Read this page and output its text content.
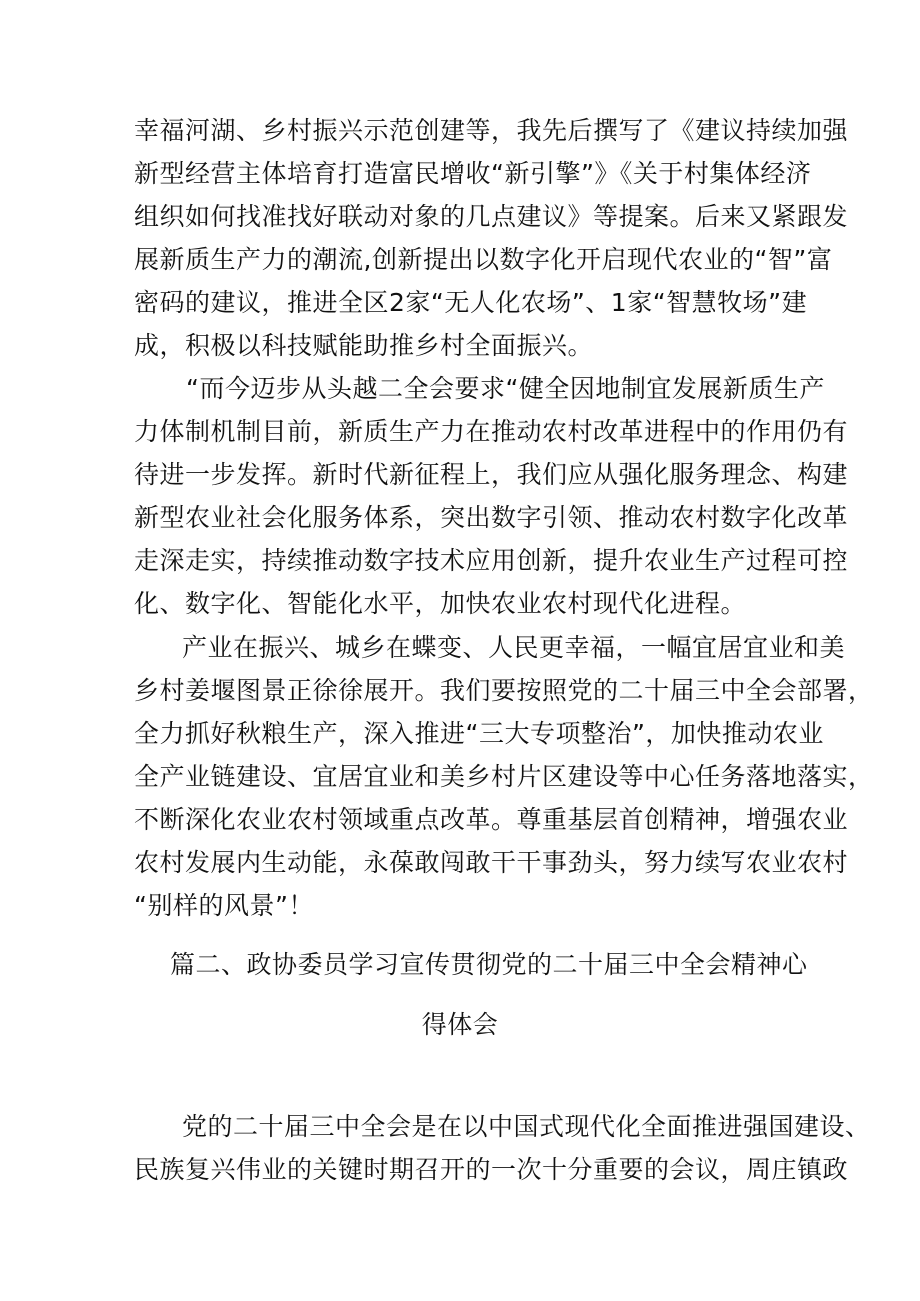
幸福河湖、乡村振兴示范创建等，我先后撰写了《建议持续加强
新型经营主体培育打造富民增收“新引擎”》《关于村集体经济
组织如何找准找好联动对象的几点建议》等提案。后来又紧跟发
展新质生产力的潮流,创新提出以数字化开启现代农业的“智”富
密码的建议，推进全区2家“无人化农场”、1家“智慧牧场”建
成，积极以科技赋能助推乡村全面振兴。
“而今迈步从头越二全会要求“健全因地制宜发展新质生产
力体制机制目前，新质生产力在推动农村改革进程中的作用仍有
待进一步发挥。新时代新征程上，我们应从强化服务理念、构建
新型农业社会化服务体系，突出数字引领、推动农村数字化改革
走深走实，持续推动数字技术应用创新，提升农业生产过程可控
化、数字化、智能化水平，加快农业农村现代化进程。
产业在振兴、城乡在蝶变、人民更幸福，一幅宜居宜业和美
乡村姜堰图景正徐徐展开。我们要按照党的二十届三中全会部署，
全力抓好秋粮生产，深入推进“三大专项整治”，加快推动农业
全产业链建设、宜居宜业和美乡村片区建设等中心任务落地落实，
不断深化农业农村领域重点改革。尊重基层首创精神，增强农业
农村发展内生动能，永葆敢闯敢干干事劲头，努力续写农业农村
“别样的风景”！
篇二、政协委员学习宣传贯彻党的二十届三中全会精神心
得体会
党的二十届三中全会是在以中国式现代化全面推进强国建设、
民族复兴伟业的关键时期召开的一次十分重要的会议，周庄镇政
